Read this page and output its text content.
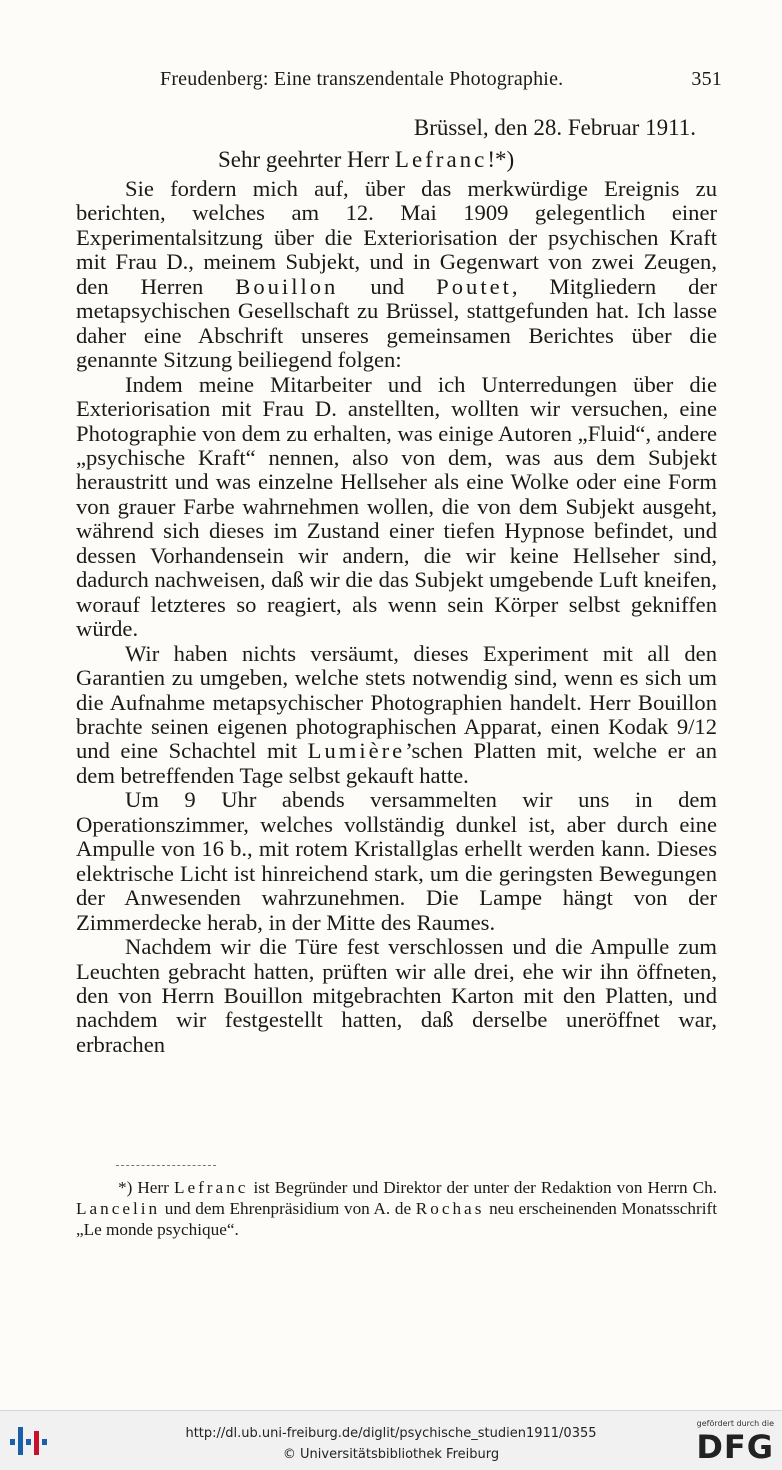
Freudenberg: Eine transzendentale Photographie.	351
Brüssel, den 28. Februar 1911.
Sehr geehrter Herr Lefranc!*)

Sie fordern mich auf, über das merkwürdige Ereignis zu berichten, welches am 12. Mai 1909 gelegentlich einer Experimentalsitzung über die Exteriorisation der psychischen Kraft mit Frau D., meinem Subjekt, und in Gegenwart von zwei Zeugen, den Herren Bouillon und Poutet, Mitgliedern der metapsychischen Gesellschaft zu Brüssel, stattgefunden hat. Ich lasse daher eine Abschrift unseres gemeinsamen Berichtes über die genannte Sitzung beiliegend folgen:

Indem meine Mitarbeiter und ich Unterredungen über die Exteriorisation mit Frau D. anstellten, wollten wir versuchen, eine Photographie von dem zu erhalten, was einige Autoren „Fluid“, andere „psychische Kraft“ nennen, also von dem, was aus dem Subjekt heraustritt und was einzelne Hellseher als eine Wolke oder eine Form von grauer Farbe wahrnehmen wollen, die von dem Subjekt ausgeht, während sich dieses im Zustand einer tiefen Hypnose befindet, und dessen Vorhandensein wir andern, die wir keine Hellseher sind, dadurch nachweisen, daß wir die das Subjekt umgebende Luft kneifen, worauf letzteres so reagiert, als wenn sein Körper selbst gekniffen würde.

Wir haben nichts versäumt, dieses Experiment mit all den Garantien zu umgeben, welche stets notwendig sind, wenn es sich um die Aufnahme metapsychischer Photographien handelt. Herr Bouillon brachte seinen eigenen photographischen Apparat, einen Kodak 9/12 und eine Schachtel mit Lumière’schen Platten mit, welche er an dem betreffenden Tage selbst gekauft hatte.

Um 9 Uhr abends versammelten wir uns in dem Operationszimmer, welches vollständig dunkel ist, aber durch eine Ampulle von 16 b., mit rotem Kristallglas erhellt werden kann. Dieses elektrische Licht ist hinreichend stark, um die geringsten Bewegungen der Anwesenden wahrzunehmen. Die Lampe hängt von der Zimmerdecke herab, in der Mitte des Raumes.

Nachdem wir die Türe fest verschlossen und die Ampulle zum Leuchten gebracht hatten, prüften wir alle drei, ehe wir ihn öffneten, den von Herrn Bouillon mitgebrachten Karton mit den Platten, und nachdem wir festgestellt hatten, daß derselbe uneröffnet war, erbrachen

*) Herr Lefranc ist Begründer und Direktor der unter der Redaktion von Herrn Ch. Lancelin und dem Ehrenpräsidium von A. de Rochas neu erscheinenden Monatsschrift „Le monde psychique“.
http://dl.ub.uni-freiburg.de/diglit/psychische_studien1911/0355
© Universitätsbibliothek Freiburg
gefördert durch die
DFG
